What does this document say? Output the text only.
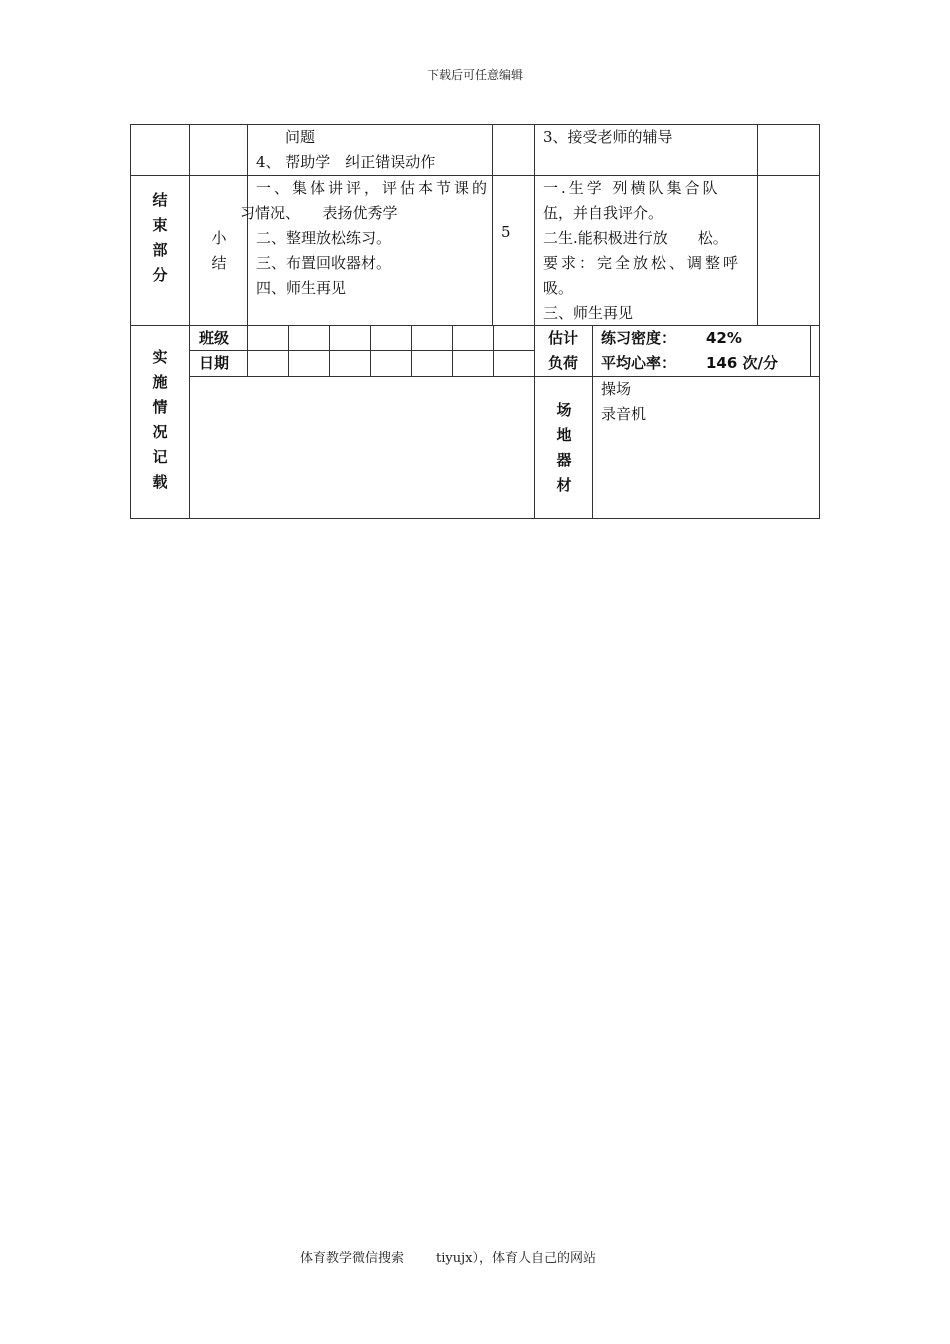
下载后可任意编辑
问题
4、 帮助学　纠正错误动作
3、接受老师的辅导
结
束
部
分
小
结
一、集体讲评，评估本节课的
习情况、　　表扬优秀学
二、整理放松练习。
三、布置回收器材。
四、师生再见
5
一.生学 列横队集合队
伍，并自我评介。
二生.能积极进行放　　松。
要求：完全放松、调整呼
吸。
三、师生再见
实
施
情
况
记
载
班级
日期
估计
负荷
练习密度： 42%
平均心率： 146 次/分
场
地
器
材
操场
录音机
体育教学微信搜索 tiyujx），体育人自己的网站
